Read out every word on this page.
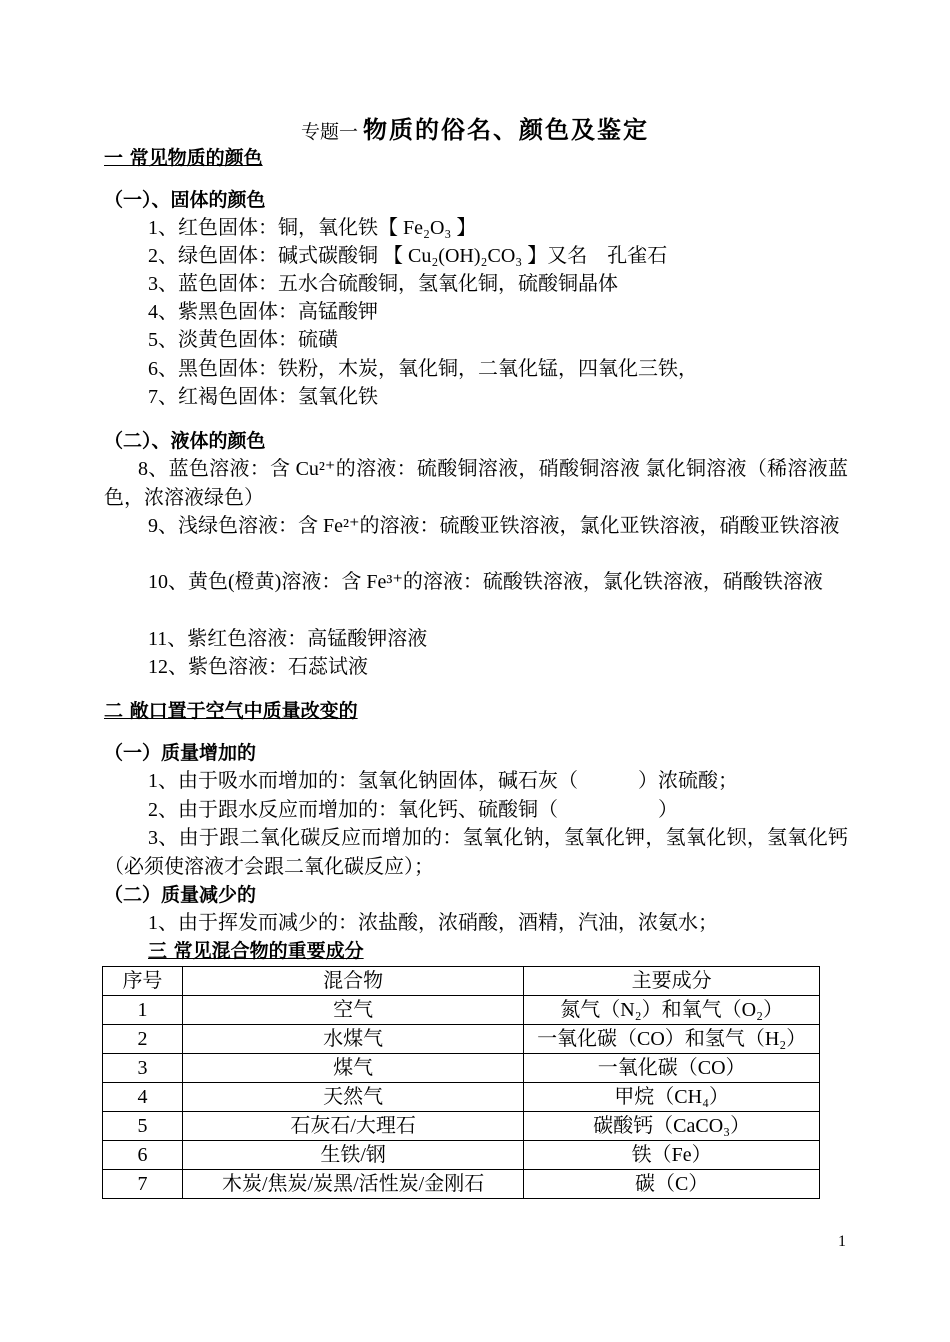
专题一 物质的俗名、颜色及鉴定
一 常见物质的颜色
（一）、固体的颜色
1、红色固体：铜，氧化铁【 Fe₂O₃ 】
2、绿色固体：碱式碳酸铜 【 Cu₂(OH)₂CO₃ 】又名　孔雀石
3、蓝色固体：五水合硫酸铜，氢氧化铜，硫酸铜晶体
4、紫黑色固体：高锰酸钾
5、淡黄色固体：硫磺
6、黑色固体：铁粉，木炭，氧化铜，二氧化锰，四氧化三铁，
7、红褐色固体：氢氧化铁
（二）、液体的颜色
8、蓝色溶液：含 Cu²⁺的溶液：硫酸铜溶液，硝酸铜溶液 氯化铜溶液（稀溶液蓝色，浓溶液绿色）
9、浅绿色溶液：含 Fe²⁺的溶液：硫酸亚铁溶液，氯化亚铁溶液，硝酸亚铁溶液
10、黄色(橙黄)溶液：含 Fe³⁺的溶液：硫酸铁溶液，氯化铁溶液，硝酸铁溶液
11、紫红色溶液：高锰酸钾溶液
12、紫色溶液：石蕊试液
二 敞口置于空气中质量改变的
（一）质量增加的
1、由于吸水而增加的：氢氧化钠固体，碱石灰（　　　）浓硫酸；
2、由于跟水反应而增加的：氧化钙、硫酸铜（　　　　　）
3、由于跟二氧化碳反应而增加的：氢氧化钠，氢氧化钾，氢氧化钡，氢氧化钙（必须使溶液才会跟二氧化碳反应）；
（二）质量减少的
1、由于挥发而减少的：浓盐酸，浓硝酸，酒精，汽油，浓氨水；
三 常见混合物的重要成分
序号	混合物	主要成分
1	空气	氮气（N₂）和氧气（O₂）
2	水煤气	一氧化碳（CO）和氢气（H₂）
3	煤气	一氧化碳（CO）
4	天然气	甲烷（CH₄）
5	石灰石/大理石	碳酸钙（CaCO₃）
6	生铁/钢	铁（Fe）
7	木炭/焦炭/炭黑/活性炭/金刚石	碳（C）
1
